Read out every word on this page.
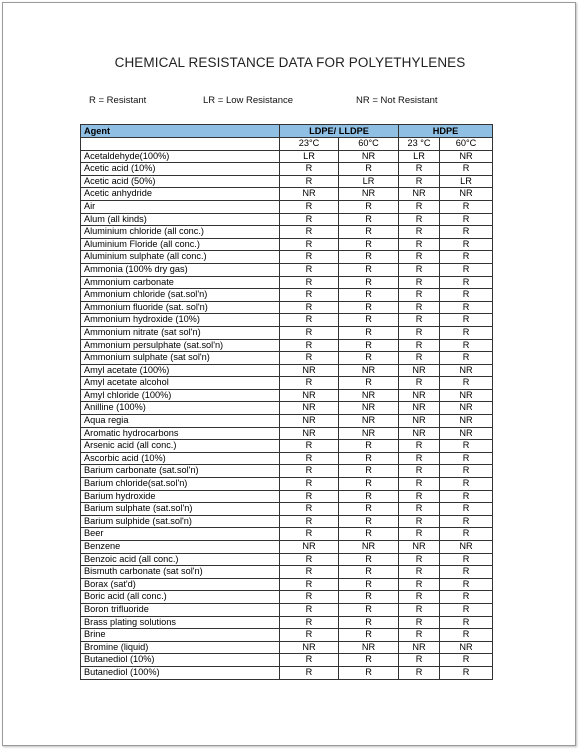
CHEMICAL RESISTANCE DATA FOR POLYETHYLENES
R = Resistant	LR = Low Resistance	NR = Not Resistant
Agent	LDPE/ LLDPE		HDPE	
	23°C	60°C	23 °C	60°C
Acetaldehyde(100%)	LR	NR	LR	NR
Acetic acid (10%)	R	R	R	R
Acetic acid (50%)	R	LR	R	LR
Acetic anhydride	NR	NR	NR	NR
Air	R	R	R	R
Alum (all kinds)	R	R	R	R
Aluminium chloride (all conc.)	R	R	R	R
Aluminium Floride (all conc.)	R	R	R	R
Aluminium sulphate (all conc.)	R	R	R	R
Ammonia (100% dry gas)	R	R	R	R
Ammonium carbonate	R	R	R	R
Ammonium chloride (sat.sol'n)	R	R	R	R
Ammonium fluoride (sat. sol'n)	R	R	R	R
Ammonium hydroxide (10%)	R	R	R	R
Ammonium nitrate (sat sol'n)	R	R	R	R
Ammonium persulphate (sat.sol'n)	R	R	R	R
Ammonium sulphate (sat sol'n)	R	R	R	R
Amyl acetate (100%)	NR	NR	NR	NR
Amyl acetate alcohol	R	R	R	R
Amyl chloride (100%)	NR	NR	NR	NR
Anilline (100%)	NR	NR	NR	NR
Aqua regia	NR	NR	NR	NR
Aromatic hydrocarbons	NR	NR	NR	NR
Arsenic acid (all conc.)	R	R	R	R
Ascorbic acid (10%)	R	R	R	R
Barium carbonate (sat.sol'n)	R	R	R	R
Barium chloride(sat.sol'n)	R	R	R	R
Barium hydroxide	R	R	R	R
Barium sulphate (sat.sol'n)	R	R	R	R
Barium sulphide (sat.sol'n)	R	R	R	R
Beer	R	R	R	R
Benzene	NR	NR	NR	NR
Benzoic acid (all conc.)	R	R	R	R
Bismuth carbonate (sat sol'n)	R	R	R	R
Borax (sat'd)	R	R	R	R
Boric acid (all conc.)	R	R	R	R
Boron trifluoride	R	R	R	R
Brass plating solutions	R	R	R	R
Brine	R	R	R	R
Bromine (liquid)	NR	NR	NR	NR
Butanediol (10%)	R	R	R	R
Butanediol (100%)	R	R	R	R
